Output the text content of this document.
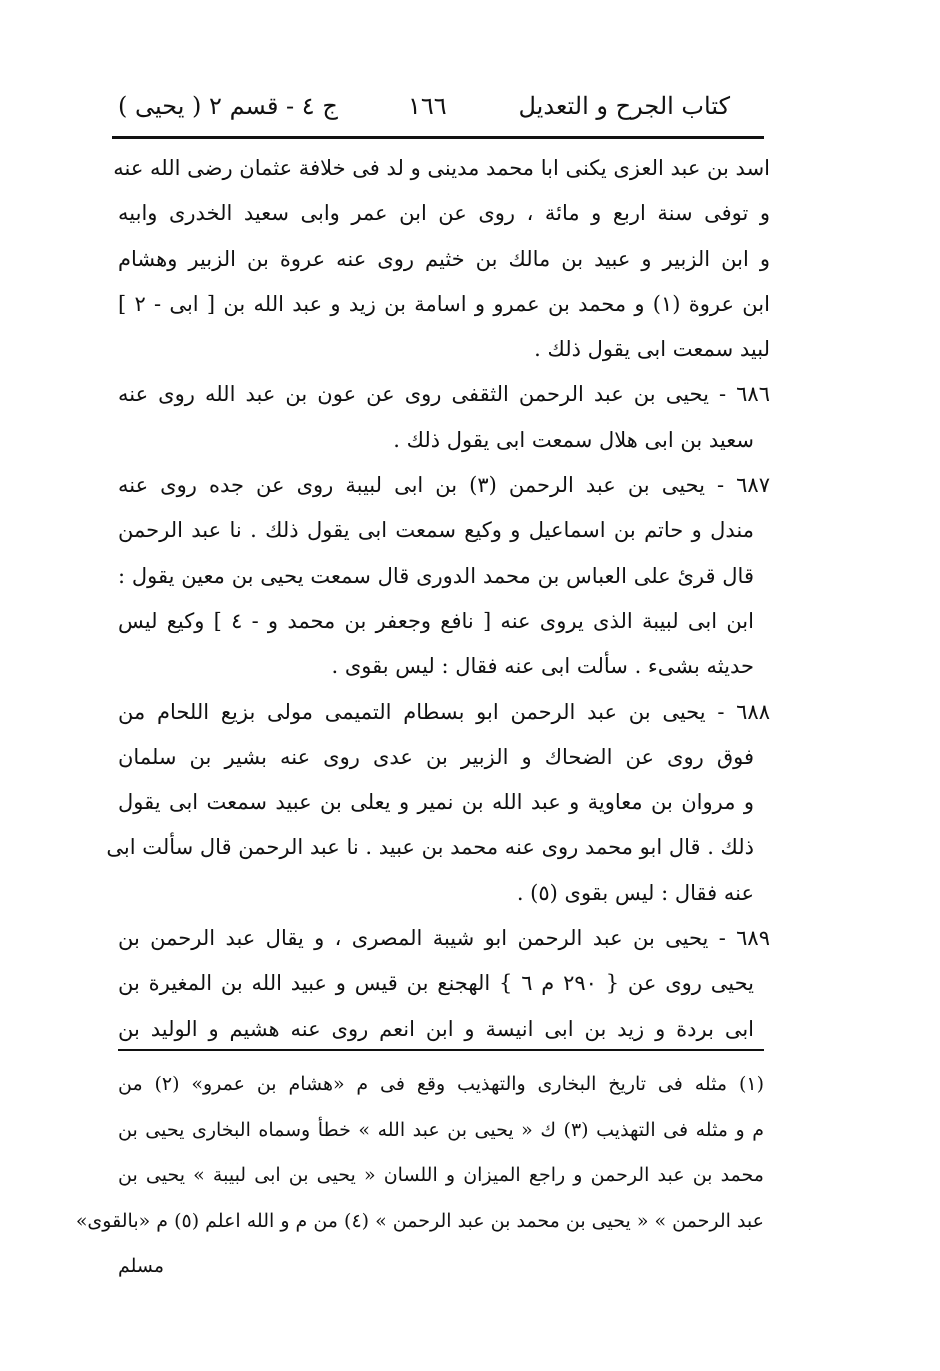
كتاب الجرح و التعديل
١٦٦
( يحيى ) ج ٤ - قسم ٢
اسد بن عبد العزى يكنى ابا محمد مدينى و لد فى خلافة عثمان رضى الله عنه
و توفى سنة اربع و مائة ، روى عن ابن عمر وابى سعيد الخدرى وابيه
و ابن الزبير و عبيد بن مالك بن خثيم روى عنه عروة بن الزبير وهشام
ابن عروة (١) و محمد بن عمرو و اسامة بن زيد و عبد الله بن [ ابى - ٢ ]
لبيد سمعت ابى يقول ذلك .
٦٨٦ - يحيى بن عبد الرحمن الثقفى روى عن عون بن عبد الله روى عنه
سعيد بن ابى هلال سمعت ابى يقول ذلك .
٦٨٧ - يحيى بن عبد الرحمن (٣) بن ابى لبيبة روى عن جده روى عنه
مندل و حاتم بن اسماعيل و وكيع سمعت ابى يقول ذلك . نا عبد الرحمن
قال قرئ على العباس بن محمد الدورى قال سمعت يحيى بن معين يقول :
ابن ابى لبيبة الذى يروى عنه [ نافع وجعفر بن محمد و - ٤ ] وكيع ليس
حديثه بشىء . سألت ابى عنه فقال : ليس بقوى .
٦٨٨ - يحيى بن عبد الرحمن ابو بسطام التميمى مولى بزيع اللحام من
فوق روى عن الضحاك و الزبير بن عدى روى عنه بشير بن سلمان
و مروان بن معاوية و عبد الله بن نمير و يعلى بن عبيد سمعت ابى يقول
ذلك . قال ابو محمد روى عنه محمد بن عبيد . نا عبد الرحمن قال سألت ابى
عنه فقال : ليس بقوى (٥) .
٦٨٩ - يحيى بن عبد الرحمن ابو شيبة المصرى ، و يقال عبد الرحمن بن
يحيى روى عن { ٢٩٠ م ٦ } الهجنع بن قيس و عبيد الله بن المغيرة بن
ابى بردة و زيد بن ابى انيسة و ابن انعم روى عنه هشيم و الوليد بن
(١) مثله فى تاريخ البخارى والتهذيب وقع فى م «هشام بن عمرو» (٢) من
م و مثله فى التهذيب (٣) ك « يحيى بن عبد الله » خطأ وسماه البخارى يحيى بن
محمد بن عبد الرحمن و راجع الميزان و اللسان « يحيى بن ابى لبيبة » يحيى بن
عبد الرحمن » « يحيى بن محمد بن عبد الرحمن » (٤) من م و الله اعلم (٥) م «بالقوى»
مسلم
